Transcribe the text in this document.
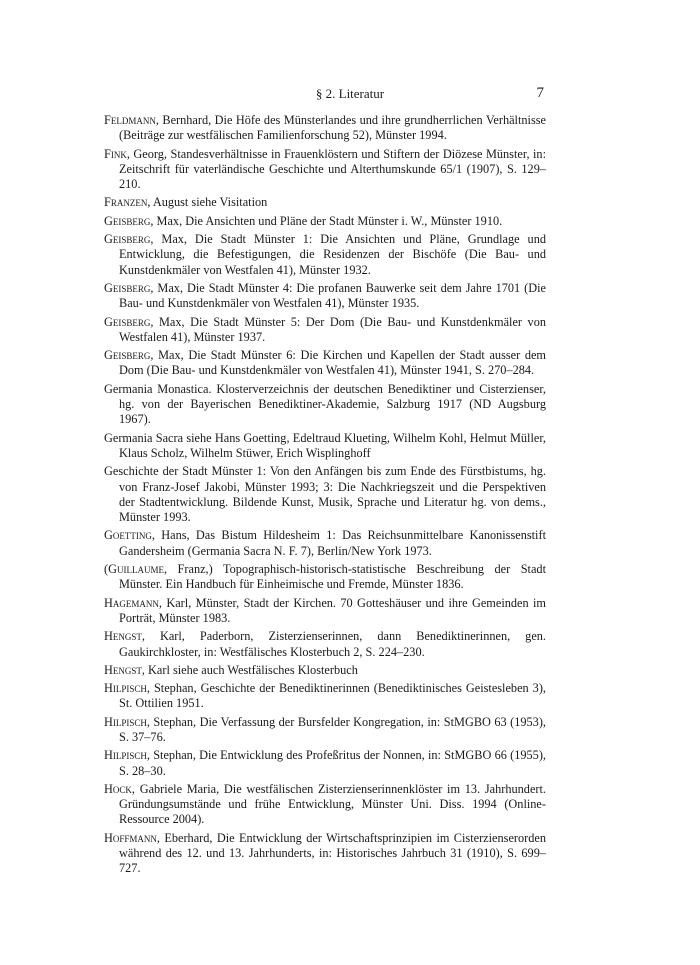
§ 2. Literatur	7

Feldmann, Bernhard, Die Höfe des Münsterlandes und ihre grundherrlichen Verhältnisse (Beiträge zur westfälischen Familienforschung 52), Münster 1994.

Fink, Georg, Standesverhältnisse in Frauenklöstern und Stiftern der Diözese Münster, in: Zeitschrift für vaterländische Geschichte und Alterthumskunde 65/1 (1907), S. 129–210.

Franzen, August siehe Visitation

Geisberg, Max, Die Ansichten und Pläne der Stadt Münster i. W., Münster 1910.

Geisberg, Max, Die Stadt Münster 1: Die Ansichten und Pläne, Grundlage und Entwicklung, die Befestigungen, die Residenzen der Bischöfe (Die Bau- und Kunstdenkmäler von Westfalen 41), Münster 1932.

Geisberg, Max, Die Stadt Münster 4: Die profanen Bauwerke seit dem Jahre 1701 (Die Bau- und Kunstdenkmäler von Westfalen 41), Münster 1935.

Geisberg, Max, Die Stadt Münster 5: Der Dom (Die Bau- und Kunstdenkmäler von Westfalen 41), Münster 1937.

Geisberg, Max, Die Stadt Münster 6: Die Kirchen und Kapellen der Stadt ausser dem Dom (Die Bau- und Kunstdenkmäler von Westfalen 41), Münster 1941, S. 270–284.

Germania Monastica. Klosterverzeichnis der deutschen Benediktiner und Cisterzienser, hg. von der Bayerischen Benediktiner-Akademie, Salzburg 1917 (ND Augsburg 1967).

Germania Sacra siehe Hans Goetting, Edeltraud Klueting, Wilhelm Kohl, Helmut Müller, Klaus Scholz, Wilhelm Stüwer, Erich Wisplinghoff

Geschichte der Stadt Münster 1: Von den Anfängen bis zum Ende des Fürstbistums, hg. von Franz-Josef Jakobi, Münster 1993; 3: Die Nachkriegszeit und die Perspektiven der Stadtentwicklung. Bildende Kunst, Musik, Sprache und Literatur hg. von dems., Münster 1993.

Goetting, Hans, Das Bistum Hildesheim 1: Das Reichsunmittelbare Kanonissenstift Gandersheim (Germania Sacra N. F. 7), Berlin/New York 1973.

(Guillaume, Franz,) Topographisch-historisch-statistische Beschreibung der Stadt Münster. Ein Handbuch für Einheimische und Fremde, Münster 1836.

Hagemann, Karl, Münster, Stadt der Kirchen. 70 Gotteshäuser und ihre Gemeinden im Porträt, Münster 1983.

Hengst, Karl, Paderborn, Zisterzienserinnen, dann Benediktinerinnen, gen. Gaukirchkloster, in: Westfälisches Klosterbuch 2, S. 224–230.

Hengst, Karl siehe auch Westfälisches Klosterbuch

Hilpisch, Stephan, Geschichte der Benediktinerinnen (Benediktinisches Geistesleben 3), St. Ottilien 1951.

Hilpisch, Stephan, Die Verfassung der Bursfelder Kongregation, in: StMGBO 63 (1953), S. 37–76.

Hilpisch, Stephan, Die Entwicklung des Profeßritus der Nonnen, in: StMGBO 66 (1955), S. 28–30.

Hock, Gabriele Maria, Die westfälischen Zisterzienserinnenklöster im 13. Jahrhundert. Gründungsumstände und frühe Entwicklung, Münster Uni. Diss. 1994 (Online-Ressource 2004).

Hoffmann, Eberhard, Die Entwicklung der Wirtschaftsprinzipien im Cisterzienserorden während des 12. und 13. Jahrhunderts, in: Historisches Jahrbuch 31 (1910), S. 699–727.
